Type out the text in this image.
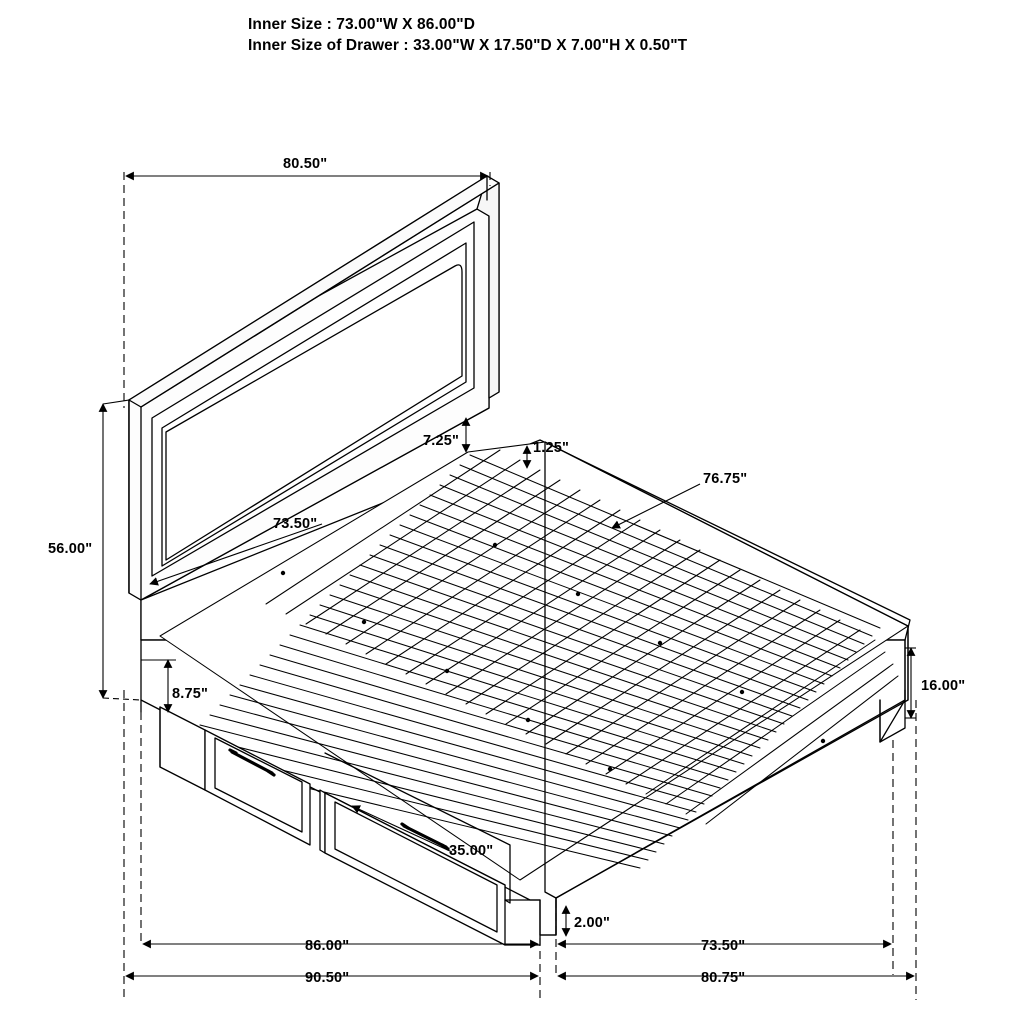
Inner Size : 73.00"W X 86.00"D
Inner Size of Drawer : 33.00"W X 17.50"D X 7.00"H X 0.50"T
80.50"
7.25"	1.25"
76.75"
73.50"
56.00"
8.75"	16.00"
35.00"
2.00"
86.00"	73.50"
90.50"	80.75"
